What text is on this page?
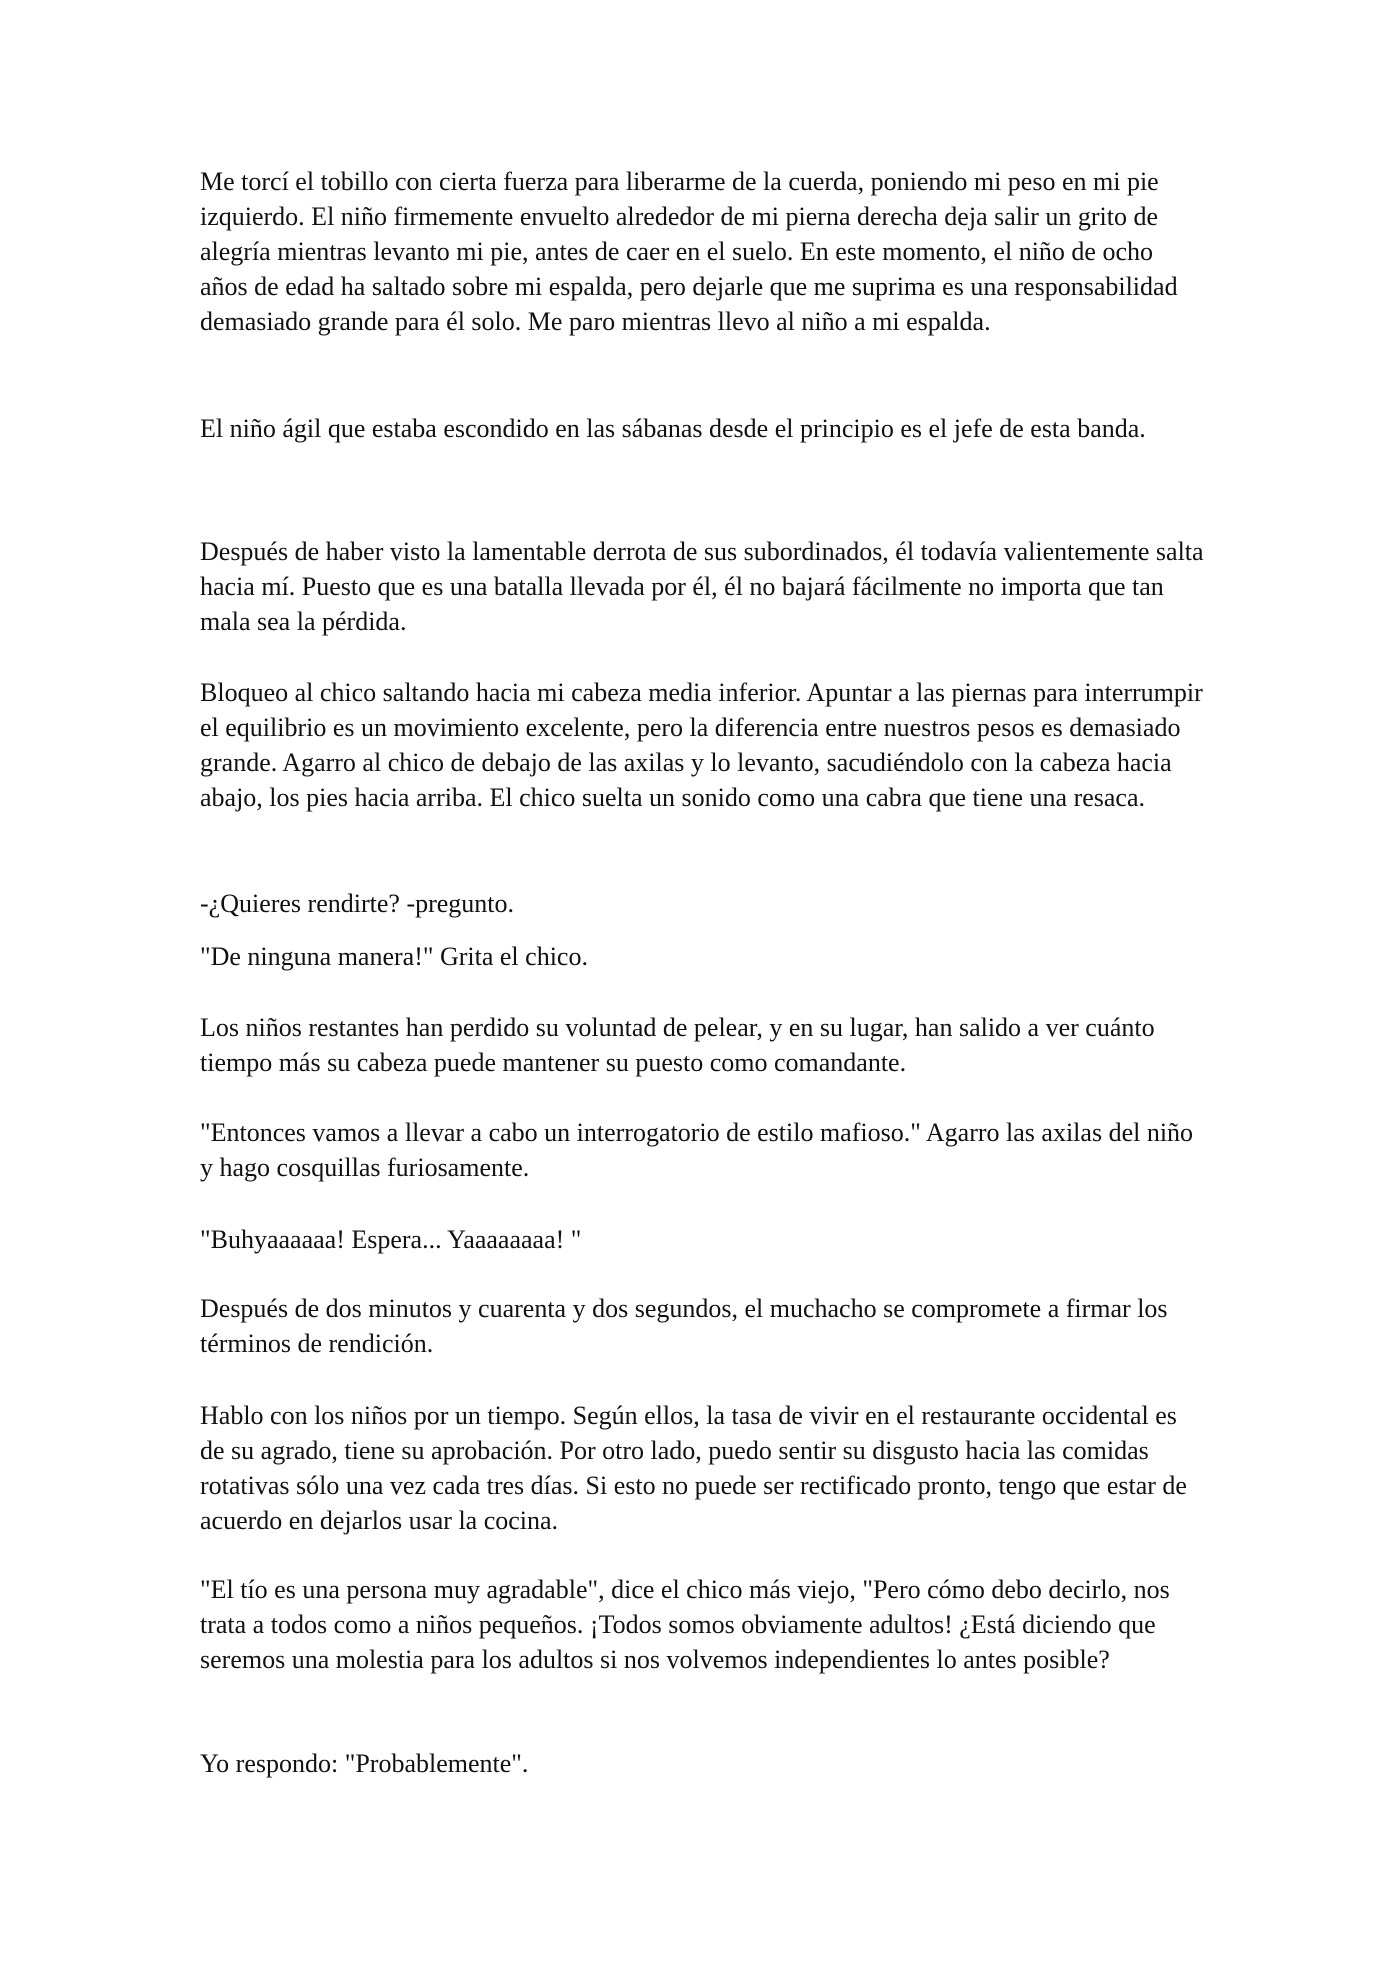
Me torcí el tobillo con cierta fuerza para liberarme de la cuerda, poniendo mi peso en mi pie izquierdo. El niño firmemente envuelto alrededor de mi pierna derecha deja salir un grito de alegría mientras levanto mi pie, antes de caer en el suelo. En este momento, el niño de ocho años de edad ha saltado sobre mi espalda, pero dejarle que me suprima es una responsabilidad demasiado grande para él solo. Me paro mientras llevo al niño a mi espalda.

El niño ágil que estaba escondido en las sábanas desde el principio es el jefe de esta banda.

Después de haber visto la lamentable derrota de sus subordinados, él todavía valientemente salta hacia mí. Puesto que es una batalla llevada por él, él no bajará fácilmente no importa que tan mala sea la pérdida.

Bloqueo al chico saltando hacia mi cabeza media inferior. Apuntar a las piernas para interrumpir el equilibrio es un movimiento excelente, pero la diferencia entre nuestros pesos es demasiado grande. Agarro al chico de debajo de las axilas y lo levanto, sacudiéndolo con la cabeza hacia abajo, los pies hacia arriba. El chico suelta un sonido como una cabra que tiene una resaca.

-¿Quieres rendirte? -pregunto.

"De ninguna manera!" Grita el chico.

Los niños restantes han perdido su voluntad de pelear, y en su lugar, han salido a ver cuánto tiempo más su cabeza puede mantener su puesto como comandante.

"Entonces vamos a llevar a cabo un interrogatorio de estilo mafioso." Agarro las axilas del niño y hago cosquillas furiosamente.

"Buhyaaaaaa! Espera... Yaaaaaaaa! "

Después de dos minutos y cuarenta y dos segundos, el muchacho se compromete a firmar los términos de rendición.

Hablo con los niños por un tiempo. Según ellos, la tasa de vivir en el restaurante occidental es de su agrado, tiene su aprobación. Por otro lado, puedo sentir su disgusto hacia las comidas rotativas sólo una vez cada tres días. Si esto no puede ser rectificado pronto, tengo que estar de acuerdo en dejarlos usar la cocina.

"El tío es una persona muy agradable", dice el chico más viejo, "Pero cómo debo decirlo, nos trata a todos como a niños pequeños. ¡Todos somos obviamente adultos! ¿Está diciendo que seremos una molestia para los adultos si nos volvemos independientes lo antes posible?

Yo respondo: "Probablemente".
